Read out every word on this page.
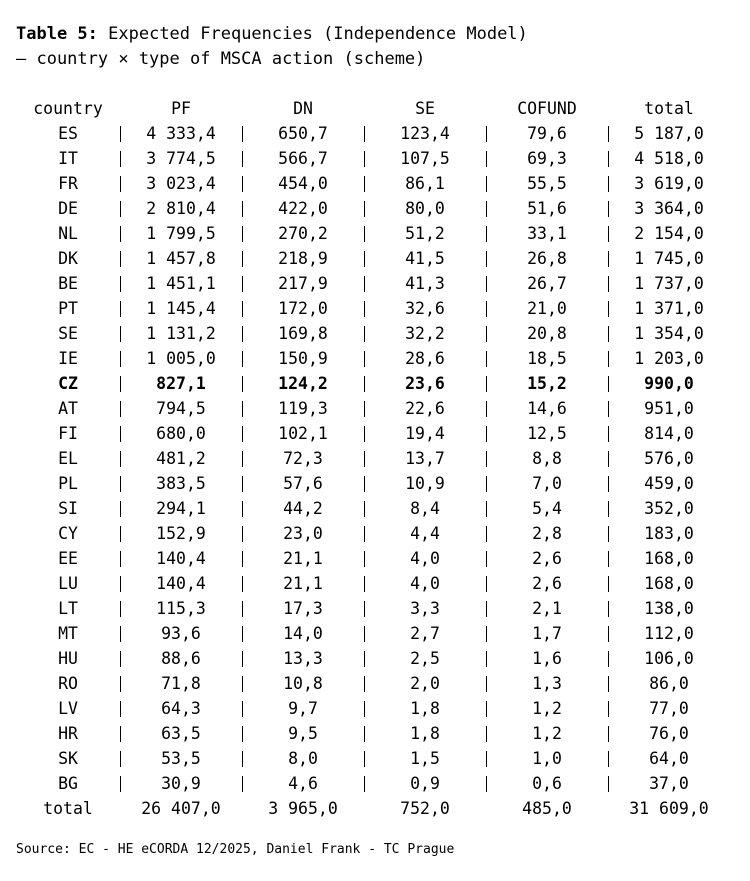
Table 5: Expected Frequencies (Independence Model)
– country × type of MSCA action (scheme)
country	PF	DN	SE	COFUND	total
ES	4 333,4	650,7	123,4	79,6	5 187,0
IT	3 774,5	566,7	107,5	69,3	4 518,0
FR	3 023,4	454,0	86,1	55,5	3 619,0
DE	2 810,4	422,0	80,0	51,6	3 364,0
NL	1 799,5	270,2	51,2	33,1	2 154,0
DK	1 457,8	218,9	41,5	26,8	1 745,0
BE	1 451,1	217,9	41,3	26,7	1 737,0
PT	1 145,4	172,0	32,6	21,0	1 371,0
SE	1 131,2	169,8	32,2	20,8	1 354,0
IE	1 005,0	150,9	28,6	18,5	1 203,0
CZ	827,1	124,2	23,6	15,2	990,0
AT	794,5	119,3	22,6	14,6	951,0
FI	680,0	102,1	19,4	12,5	814,0
EL	481,2	72,3	13,7	8,8	576,0
PL	383,5	57,6	10,9	7,0	459,0
SI	294,1	44,2	8,4	5,4	352,0
CY	152,9	23,0	4,4	2,8	183,0
EE	140,4	21,1	4,0	2,6	168,0
LU	140,4	21,1	4,0	2,6	168,0
LT	115,3	17,3	3,3	2,1	138,0
MT	93,6	14,0	2,7	1,7	112,0
HU	88,6	13,3	2,5	1,6	106,0
RO	71,8	10,8	2,0	1,3	86,0
LV	64,3	9,7	1,8	1,2	77,0
HR	63,5	9,5	1,8	1,2	76,0
SK	53,5	8,0	1,5	1,0	64,0
BG	30,9	4,6	0,9	0,6	37,0
total	26 407,0	3 965,0	752,0	485,0	31 609,0
Source: EC - HE eCORDA 12/2025, Daniel Frank - TC Prague
